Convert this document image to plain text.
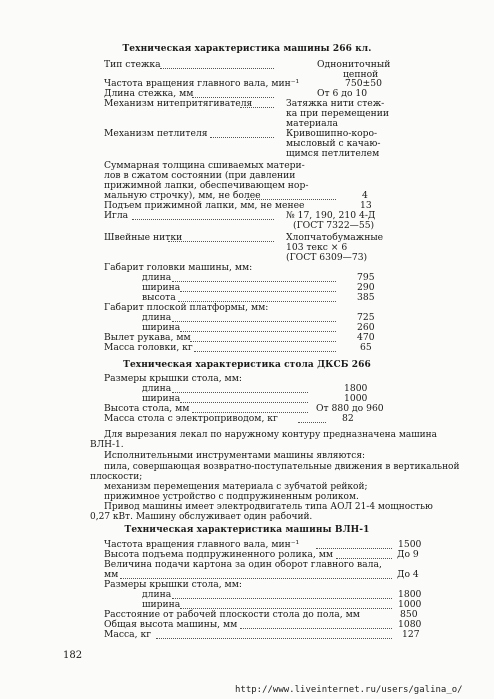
Техническая характеристика машины 266 кл.
Тип стежка	Однониточный
цепной
Частота вращения главного вала, мин⁻¹	750±50
Длина стежка, мм	От 6 до 10
Механизм нитепритягивателя	Затяжка нити стеж-
ка при перемещении
материала
Механизм петлителя	Кривошипно-коро-
мысловый с качаю-
щимся петлителем
Суммарная толщина сшиваемых матери-
лов в сжатом состоянии (при давлении
прижимной лапки, обеспечивающем нор-
мальную строчку), мм, не более	4
Подъем прижимной лапки, мм, не менее	13
Игла	№ 17, 190, 210 4-Д
(ГОСТ 7322—55)
Швейные нитки	Хлопчатобумажные
103 текс × 6
(ГОСТ 6309—73)
Габарит головки машины, мм:
длина	795
ширина	290
высота	385
Габарит плоской платформы, мм:
длина	725
ширина	260
Вылет рукава, мм	470
Масса головки, кг	65
Техническая характеристика стола ДКСБ 266
Размеры крышки стола, мм:
длина	1800
ширина	1000
Высота стола, мм	От 880 до 960
Масса стола с электроприводом, кг	82
Для вырезания лекал по наружному контуру предназначена машина
ВЛН-1.
Исполнительными инструментами машины являются:
пила, совершающая возвратно-поступательные движения в вертикальной
плоскости;
механизм перемещения материала с зубчатой рейкой;
прижимное устройство с подпружиненным роликом.
Привод машины имеет электродвигатель типа АОЛ 21-4 мощностью
0,27 кВт. Машину обслуживает один рабочий.
Техническая характеристика машины ВЛН-1
Частота вращения главного вала, мин⁻¹	1500
Высота подъема подпружиненного ролика, мм	До 9
Величина подачи картона за один оборот главного вала,
мм	До 4
Размеры крышки стола, мм:
длина	1800
ширина	1000
Расстояние от рабочей плоскости стола до пола, мм	850
Общая высота машины, мм	1080
Масса, кг	127
182
http://www.liveinternet.ru/users/galina_o/
